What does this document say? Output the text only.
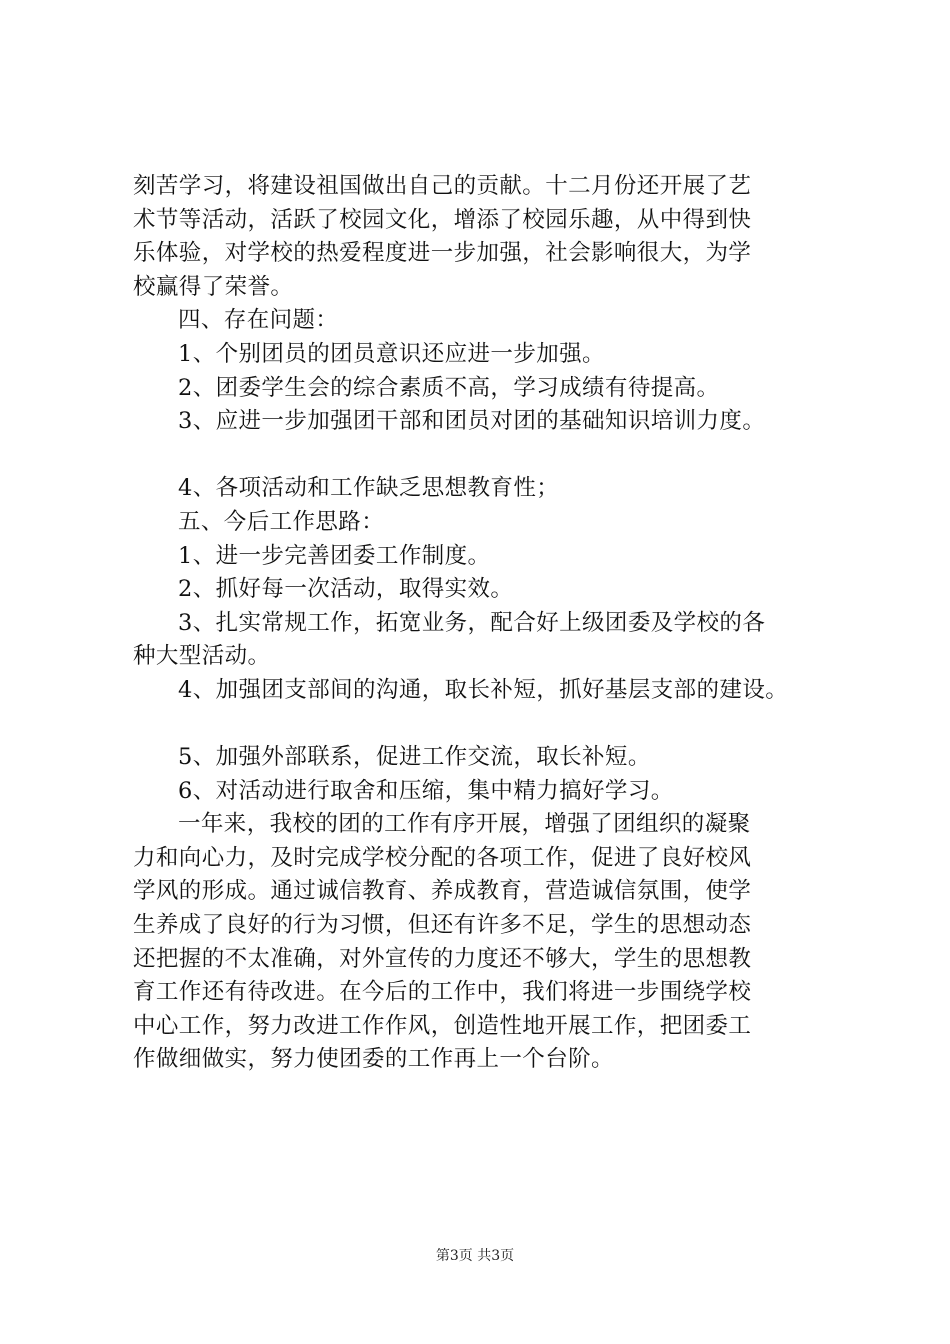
刻苦学习，将建设祖国做出自己的贡献。十二月份还开展了艺
术节等活动，活跃了校园文化，增添了校园乐趣，从中得到快
乐体验，对学校的热爱程度进一步加强，社会影响很大，为学
校赢得了荣誉。
四、存在问题：
1、个别团员的团员意识还应进一步加强。
2、团委学生会的综合素质不高，学习成绩有待提高。
3、应进一步加强团干部和团员对团的基础知识培训力度。
4、各项活动和工作缺乏思想教育性；
五、今后工作思路：
1、进一步完善团委工作制度。
2、抓好每一次活动，取得实效。
3、扎实常规工作，拓宽业务，配合好上级团委及学校的各
种大型活动。
4、加强团支部间的沟通，取长补短，抓好基层支部的建设。
5、加强外部联系，促进工作交流，取长补短。
6、对活动进行取舍和压缩，集中精力搞好学习。
一年来，我校的团的工作有序开展，增强了团组织的凝聚
力和向心力，及时完成学校分配的各项工作，促进了良好校风
学风的形成。通过诚信教育、养成教育，营造诚信氛围，使学
生养成了良好的行为习惯，但还有许多不足，学生的思想动态
还把握的不太准确，对外宣传的力度还不够大，学生的思想教
育工作还有待改进。在今后的工作中，我们将进一步围绕学校
中心工作，努力改进工作作风，创造性地开展工作，把团委工
作做细做实，努力使团委的工作再上一个台阶。
第3页 共3页
